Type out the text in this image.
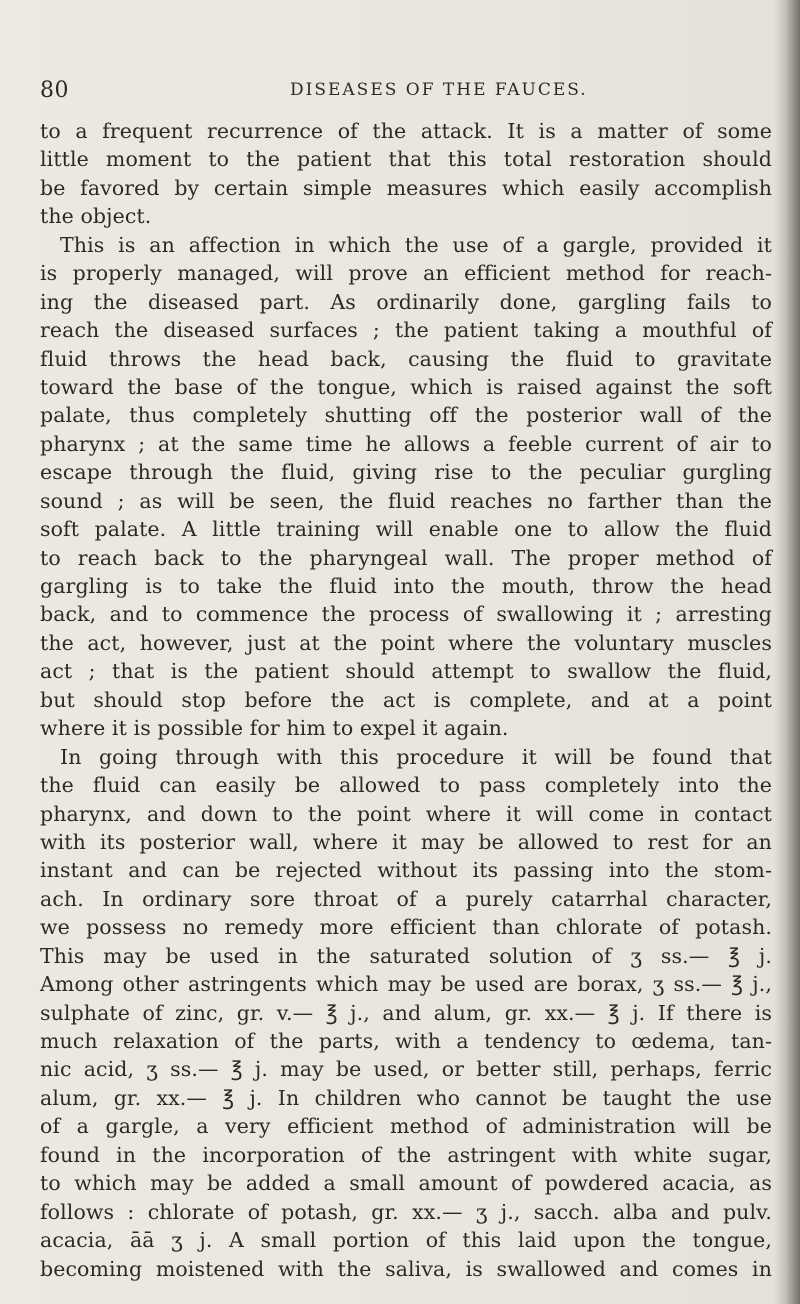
80	DISEASES OF THE FAUCES.
to a frequent recurrence of the attack. It is a matter of some
little moment to the patient that this total restoration should
be favored by certain simple measures which easily accomplish
the object.
This is an affection in which the use of a gargle, provided it
is properly managed, will prove an efficient method for reach-
ing the diseased part. As ordinarily done, gargling fails to
reach the diseased surfaces ; the patient taking a mouthful of
fluid throws the head back, causing the fluid to gravitate
toward the base of the tongue, which is raised against the soft
palate, thus completely shutting off the posterior wall of the
pharynx ; at the same time he allows a feeble current of air to
escape through the fluid, giving rise to the peculiar gurgling
sound ; as will be seen, the fluid reaches no farther than the
soft palate. A little training will enable one to allow the fluid
to reach back to the pharyngeal wall. The proper method of
gargling is to take the fluid into the mouth, throw the head
back, and to commence the process of swallowing it ; arresting
the act, however, just at the point where the voluntary muscles
act ; that is the patient should attempt to swallow the fluid,
but should stop before the act is complete, and at a point
where it is possible for him to expel it again.
In going through with this procedure it will be found that
the fluid can easily be allowed to pass completely into the
pharynx, and down to the point where it will come in contact
with its posterior wall, where it may be allowed to rest for an
instant and can be rejected without its passing into the stom-
ach. In ordinary sore throat of a purely catarrhal character,
we possess no remedy more efficient than chlorate of potash.
This may be used in the saturated solution of ʒ ss.— ℥ j.
Among other astringents which may be used are borax, ʒ ss.— ℥ j.,
sulphate of zinc, gr. v.— ℥ j., and alum, gr. xx.— ℥ j. If there is
much relaxation of the parts, with a tendency to œdema, tan-
nic acid, ʒ ss.— ℥ j. may be used, or better still, perhaps, ferric
alum, gr. xx.— ℥ j. In children who cannot be taught the use
of a gargle, a very efficient method of administration will be
found in the incorporation of the astringent with white sugar,
to which may be added a small amount of powdered acacia, as
follows : chlorate of potash, gr. xx.— ʒ j., sacch. alba and pulv.
acacia, āā ʒ j. A small portion of this laid upon the tongue,
becoming moistened with the saliva, is swallowed and comes in
